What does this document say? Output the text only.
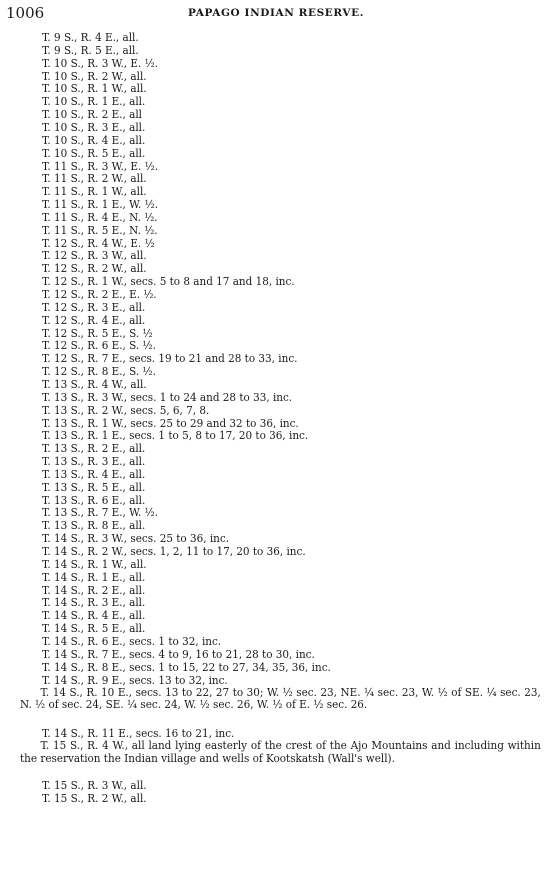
1006	PAPAGO INDIAN RESERVE.
T. 9 S., R. 4 E., all.
T. 9 S., R. 5 E., all.
T. 10 S., R. 3 W., E. ½.
T. 10 S., R. 2 W., all.
T. 10 S., R. 1 W., all.
T. 10 S., R. 1 E., all.
T. 10 S., R. 2 E., all
T. 10 S., R. 3 E., all.
T. 10 S., R. 4 E., all.
T. 10 S., R. 5 E., all.
T. 11 S., R. 3 W., E. ½.
T. 11 S., R. 2 W., all.
T. 11 S., R. 1 W., all.
T. 11 S., R. 1 E., W. ½.
T. 11 S., R. 4 E., N. ½.
T. 11 S., R. 5 E., N. ½.
T. 12 S., R. 4 W., E. ½
T. 12 S., R. 3 W., all.
T. 12 S., R. 2 W., all.
T. 12 S., R. 1 W., secs. 5 to 8 and 17 and 18, inc.
T. 12 S., R. 2 E., E. ½.
T. 12 S., R. 3 E., all.
T. 12 S., R. 4 E., all.
T. 12 S., R. 5 E., S. ½
T. 12 S., R. 6 E., S. ½.
T. 12 S., R. 7 E., secs. 19 to 21 and 28 to 33, inc.
T. 12 S., R. 8 E., S. ½.
T. 13 S., R. 4 W., all.
T. 13 S., R. 3 W., secs. 1 to 24 and 28 to 33, inc.
T. 13 S., R. 2 W., secs. 5, 6, 7, 8.
T. 13 S., R. 1 W., secs. 25 to 29 and 32 to 36, inc.
T. 13 S., R. 1 E., secs. 1 to 5, 8 to 17, 20 to 36, inc.
T. 13 S., R. 2 E., all.
T. 13 S., R. 3 E., all.
T. 13 S., R. 4 E., all.
T. 13 S., R. 5 E., all.
T. 13 S., R. 6 E., all.
T. 13 S., R. 7 E., W. ½.
T. 13 S., R. 8 E., all.
T. 14 S., R. 3 W., secs. 25 to 36, inc.
T. 14 S., R. 2 W., secs. 1, 2, 11 to 17, 20 to 36, inc.
T. 14 S., R. 1 W., all.
T. 14 S., R. 1 E., all.
T. 14 S., R. 2 E., all.
T. 14 S., R. 3 E., all.
T. 14 S., R. 4 E., all.
T. 14 S., R. 5 E., all.
T. 14 S., R. 6 E., secs. 1 to 32, inc.
T. 14 S., R. 7 E., secs. 4 to 9, 16 to 21, 28 to 30, inc.
T. 14 S., R. 8 E., secs. 1 to 15, 22 to 27, 34, 35, 36, inc.
T. 14 S., R. 9 E., secs. 13 to 32, inc.
T. 14 S., R. 10 E., secs. 13 to 22, 27 to 30; W. ½ sec. 23, NE. ¼ sec. 23, W. ½ of SE. ¼ sec. 23, N. ½ of sec. 24, SE. ¼ sec. 24, W. ½ sec. 26, W. ½ of E. ½ sec. 26.
T. 14 S., R. 11 E., secs. 16 to 21, inc.
T. 15 S., R. 4 W., all land lying easterly of the crest of the Ajo Mountains and including within the reservation the Indian village and wells of Kootskatsh (Wall's well).
T. 15 S., R. 3 W., all.
T. 15 S., R. 2 W., all.
